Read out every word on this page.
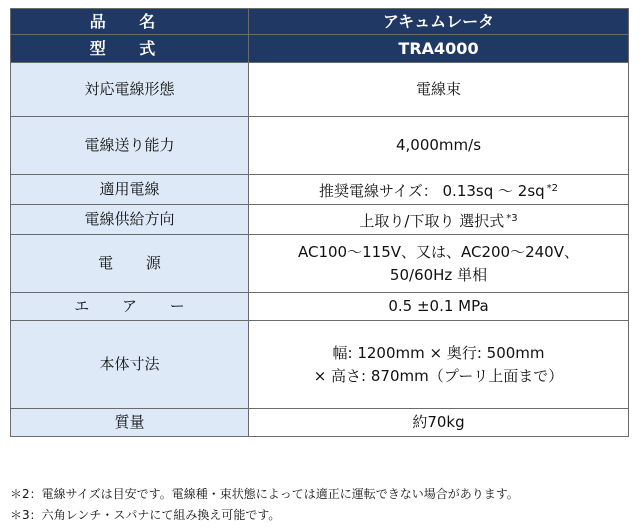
品 名	アキュムレータ
型 式	TRA4000
対応電線形態	電線束
電線送り能力	4,000mm/s
適用電線	推奨電線サイズ： 0.13sq ～ 2sq $^{*2}$
電線供給方向	上取り/下取り 選択式 $^{*3}$
電 源	AC100～115V、又は、AC200～240V、
50/60Hz 単相

エ ア ー	0.5 ±0.1 MPa
本体寸法	幅: 1200mm × 奥行: 500mm
× 高さ: 870mm（プーリ上面まで）

質量	約70kg
＊2：電線サイズは目安です。電線種・束状態によっては適正に運転できない場合があります。
＊3：六角レンチ・スパナにて組み換え可能です。
